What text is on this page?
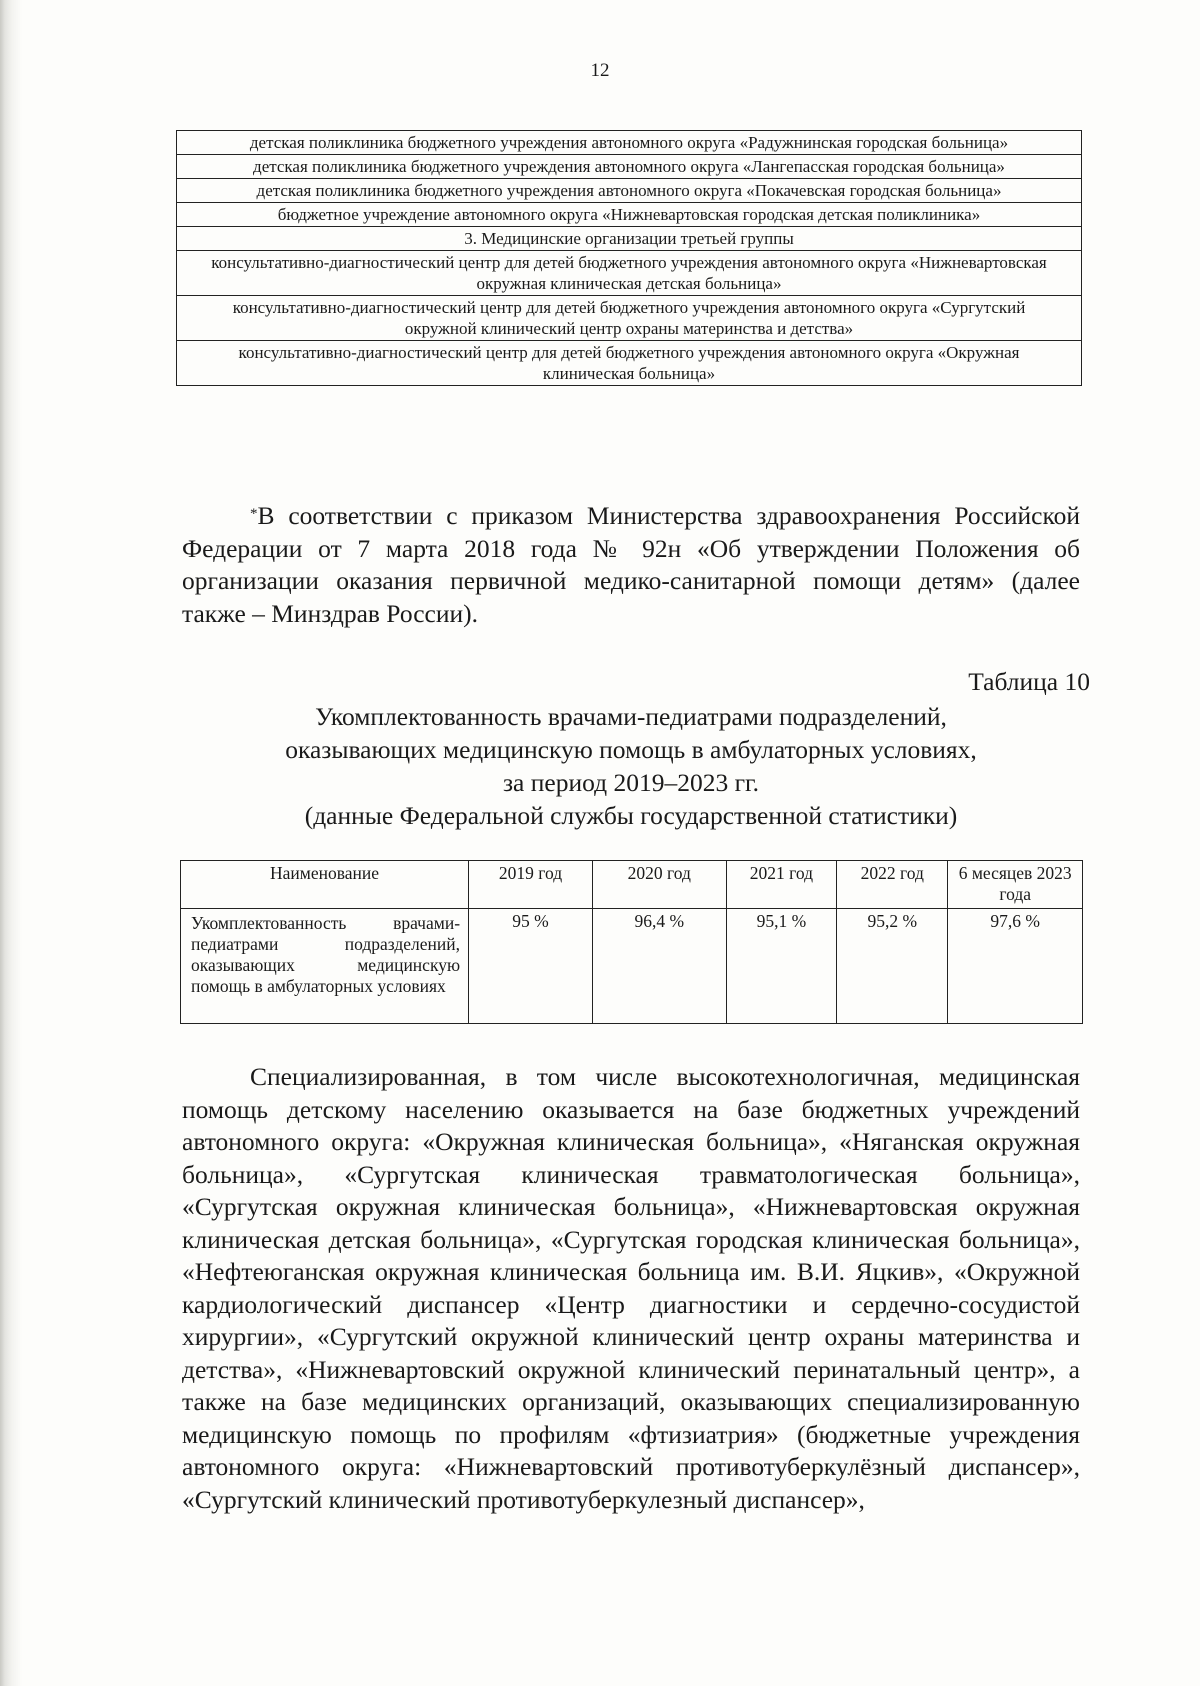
12
детская поликлиника бюджетного учреждения автономного округа «Радужнинская городская больница»
детская поликлиника бюджетного учреждения автономного округа «Лангепасская городская больница»
детская поликлиника бюджетного учреждения автономного округа «Покачевская городская больница»
бюджетное учреждение автономного округа «Нижневартовская городская детская поликлиника»
3. Медицинские организации третьей группы
консультативно-диагностический центр для детей бюджетного учреждения автономного округа «Нижневартовская окружная клиническая детская больница»
консультативно-диагностический центр для детей бюджетного учреждения автономного округа «Сургутский окружной клинический центр охраны материнства и детства»
консультативно-диагностический центр для детей бюджетного учреждения автономного округа «Окружная клиническая больница»

*В соответствии с приказом Министерства здравоохранения Российской Федерации от 7 марта 2018 года № 92н «Об утверждении Положения об организации оказания первичной медико-санитарной помощи детям» (далее также – Минздрав России).

Таблица 10
Укомплектованность врачами-педиатрами подразделений,
оказывающих медицинскую помощь в амбулаторных условиях,
за период 2019–2023 гг.
(данные Федеральной службы государственной статистики)
Наименование	2019 год	2020 год	2021 год	2022 год	6 месяцев 2023 года
Укомплектованность врачами-педиатрами подразделений, оказывающих медицинскую помощь в амбулаторных условиях	95 %	96,4 %	95,1 %	95,2 %	97,6 %

Специализированная, в том числе высокотехнологичная, медицинская помощь детскому населению оказывается на базе бюджетных учреждений автономного округа: «Окружная клиническая больница», «Няганская окружная больница», «Сургутская клиническая травматологическая больница», «Сургутская окружная клиническая больница», «Нижневартовская окружная клиническая детская больница», «Сургутская городская клиническая больница», «Нефтеюганская окружная клиническая больница им. В.И. Яцкив», «Окружной кардиологический диспансер «Центр диагностики и сердечно-сосудистой хирургии», «Сургутский окружной клинический центр охраны материнства и детства», «Нижневартовский окружной клинический перинатальный центр», а также на базе медицинских организаций, оказывающих специализированную медицинскую помощь по профилям «фтизиатрия» (бюджетные учреждения автономного округа: «Нижневартовский противотуберкулёзный диспансер», «Сургутский клинический противотуберкулезный диспансер»,
